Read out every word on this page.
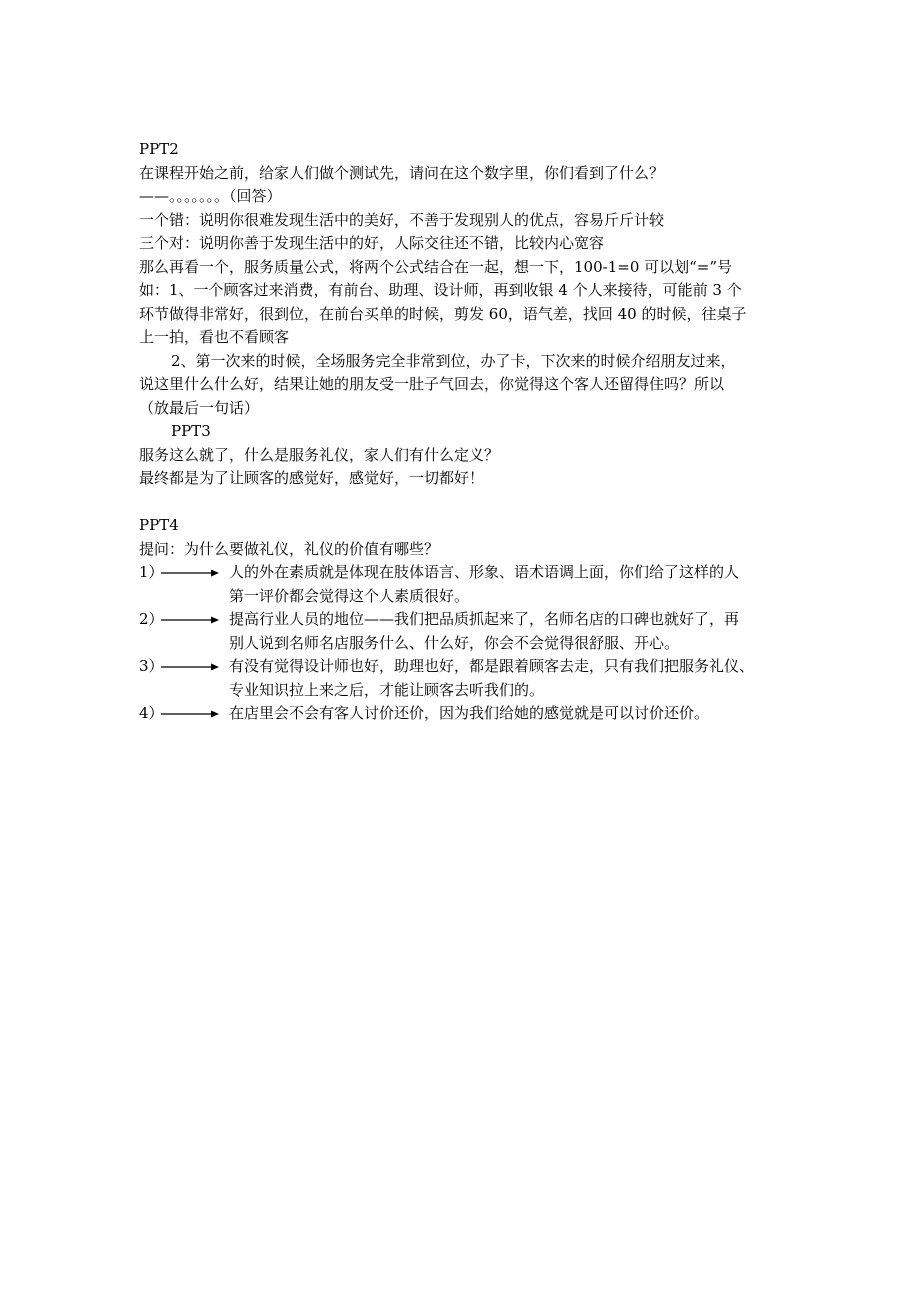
PPT2
在课程开始之前，给家人们做个测试先，请问在这个数字里，你们看到了什么？
——。。。。。。。（回答）
一个错：说明你很难发现生活中的美好，不善于发现别人的优点，容易斤斤计较
三个对：说明你善于发现生活中的好，人际交往还不错，比较内心宽容
那么再看一个，服务质量公式，将两个公式结合在一起，想一下，100-1=0 可以划“=”号
如：1、一个顾客过来消费，有前台、助理、设计师，再到收银 4 个人来接待，可能前 3 个
环节做得非常好，很到位，在前台买单的时候，剪发 60，语气差，找回 40 的时候，往桌子
上一拍，看也不看顾客
2、第一次来的时候，全场服务完全非常到位，办了卡，下次来的时候介绍朋友过来，
说这里什么什么好，结果让她的朋友受一肚子气回去，你觉得这个客人还留得住吗？所以
（放最后一句话）
PPT3
服务这么就了，什么是服务礼仪，家人们有什么定义？
最终都是为了让顾客的感觉好，感觉好，一切都好！
PPT4
提问：为什么要做礼仪，礼仪的价值有哪些？
1）	人的外在素质就是体现在肢体语言、形象、语术语调上面，你们给了这样的人
第一评价都会觉得这个人素质很好。
2）	提高行业人员的地位——我们把品质抓起来了，名师名店的口碑也就好了，再
别人说到名师名店服务什么、什么好，你会不会觉得很舒服、开心。
3）	有没有觉得设计师也好，助理也好，都是跟着顾客去走，只有我们把服务礼仪、
专业知识拉上来之后，才能让顾客去听我们的。
4）	在店里会不会有客人讨价还价，因为我们给她的感觉就是可以讨价还价。
